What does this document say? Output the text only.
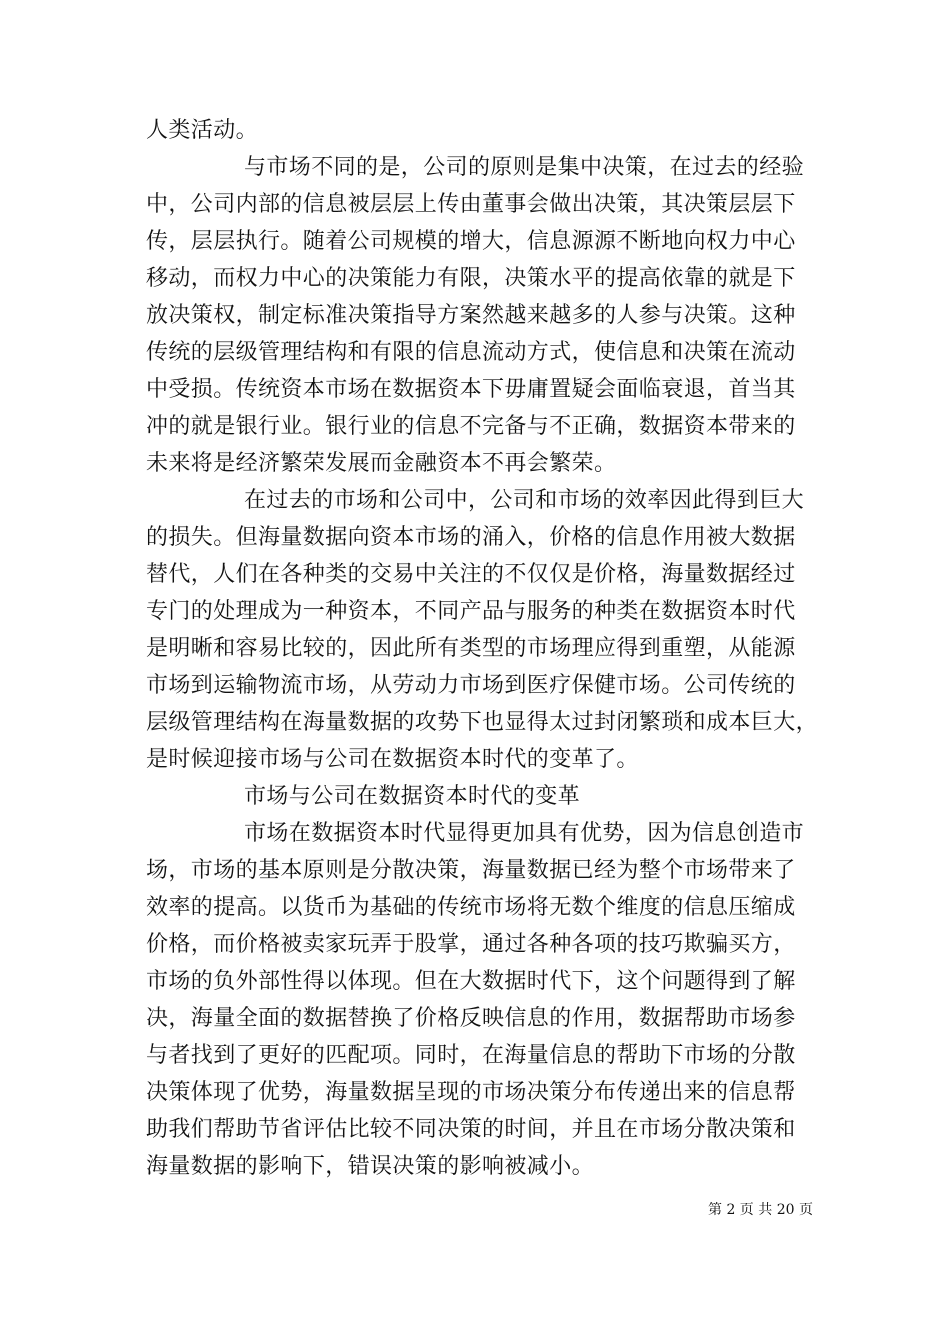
人类活动。
与市场不同的是，公司的原则是集中决策，在过去的经验
中，公司内部的信息被层层上传由董事会做出决策，其决策层层下
传，层层执行。随着公司规模的增大，信息源源不断地向权力中心
移动，而权力中心的决策能力有限，决策水平的提高依靠的就是下
放决策权，制定标准决策指导方案然越来越多的人参与决策。这种
传统的层级管理结构和有限的信息流动方式，使信息和决策在流动
中受损。传统资本市场在数据资本下毋庸置疑会面临衰退，首当其
冲的就是银行业。银行业的信息不完备与不正确，数据资本带来的
未来将是经济繁荣发展而金融资本不再会繁荣。
在过去的市场和公司中，公司和市场的效率因此得到巨大
的损失。但海量数据向资本市场的涌入，价格的信息作用被大数据
替代，人们在各种类的交易中关注的不仅仅是价格，海量数据经过
专门的处理成为一种资本，不同产品与服务的种类在数据资本时代
是明晰和容易比较的，因此所有类型的市场理应得到重塑，从能源
市场到运输物流市场，从劳动力市场到医疗保健市场。公司传统的
层级管理结构在海量数据的攻势下也显得太过封闭繁琐和成本巨大，
是时候迎接市场与公司在数据资本时代的变革了。
市场与公司在数据资本时代的变革
市场在数据资本时代显得更加具有优势，因为信息创造市
场，市场的基本原则是分散决策，海量数据已经为整个市场带来了
效率的提高。以货币为基础的传统市场将无数个维度的信息压缩成
价格，而价格被卖家玩弄于股掌，通过各种各项的技巧欺骗买方，
市场的负外部性得以体现。但在大数据时代下，这个问题得到了解
决，海量全面的数据替换了价格反映信息的作用，数据帮助市场参
与者找到了更好的匹配项。同时，在海量信息的帮助下市场的分散
决策体现了优势，海量数据呈现的市场决策分布传递出来的信息帮
助我们帮助节省评估比较不同决策的时间，并且在市场分散决策和
海量数据的影响下，错误决策的影响被减小。
第 2 页 共 20 页
